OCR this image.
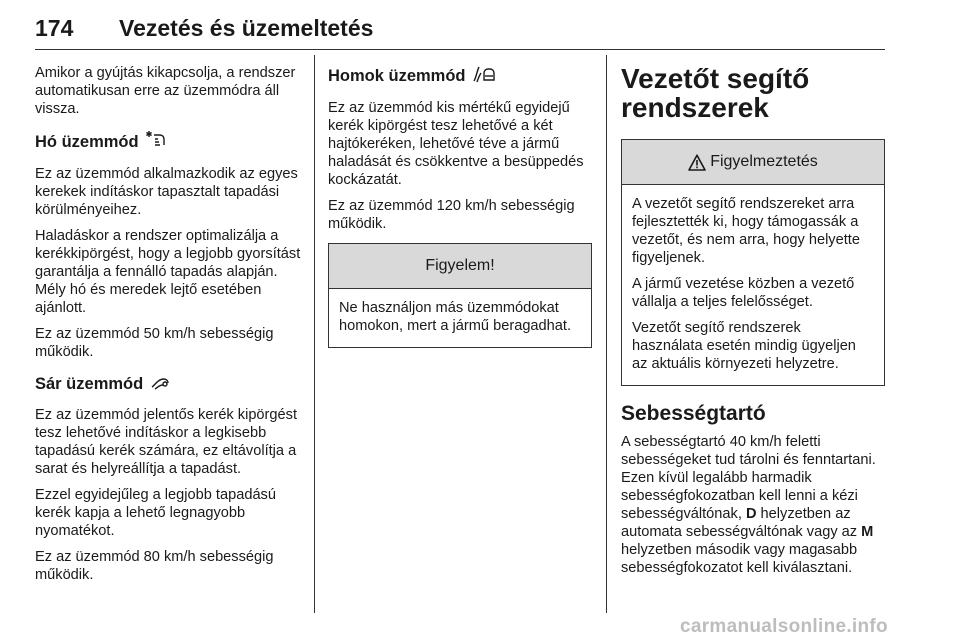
174	Vezetés és üzemeltetés

Amikor a gyújtás kikapcsolja, a rendszer automatikusan erre az üzemmódra áll vissza.

Hó üzemmód

Ez az üzemmód alkalmazkodik az egyes kerekek indításkor tapasztalt tapadási körülményeihez.

Haladáskor a rendszer optimalizálja a kerékkipörgést, hogy a legjobb gyorsítást garantálja a fennálló tapadás alapján. Mély hó és meredek lejtő esetében ajánlott.

Ez az üzemmód 50 km/h sebességig működik.

Sár üzemmód

Ez az üzemmód jelentős kerék kipörgést tesz lehetővé indításkor a legkisebb tapadású kerék számára, ez eltávolítja a sarat és helyreállítja a tapadást.

Ezzel egyidejűleg a legjobb tapadású kerék kapja a lehető legnagyobb nyomatékot.

Ez az üzemmód 80 km/h sebességig működik.

Homok üzemmód

Ez az üzemmód kis mértékű egyidejű kerék kipörgést tesz lehetővé a két hajtókeréken, lehetővé téve a jármű haladását és csökkentve a besüppedés kockázatát.

Ez az üzemmód 120 km/h sebességig működik.

Figyelem!

Ne használjon más üzemmódokat homokon, mert a jármű beragadhat.

Vezetőt segítő
rendszerek
Figyelmeztetés

A vezetőt segítő rendszereket arra fejlesztették ki, hogy támogassák a vezetőt, és nem arra, hogy helyette figyeljenek.

A jármű vezetése közben a vezető vállalja a teljes felelősséget.

Vezetőt segítő rendszerek használata esetén mindig ügyeljen az aktuális környezeti helyzetre.

Sebességtartó

A sebességtartó 40 km/h feletti sebességeket tud tárolni és fenntartani. Ezen kívül legalább harmadik sebességfokozatban kell lenni a kézi sebességváltónak, D helyzetben az automata sebességváltónak vagy az M helyzetben második vagy magasabb sebességfokozatot kell kiválasztani.

carmanualsonline.info
